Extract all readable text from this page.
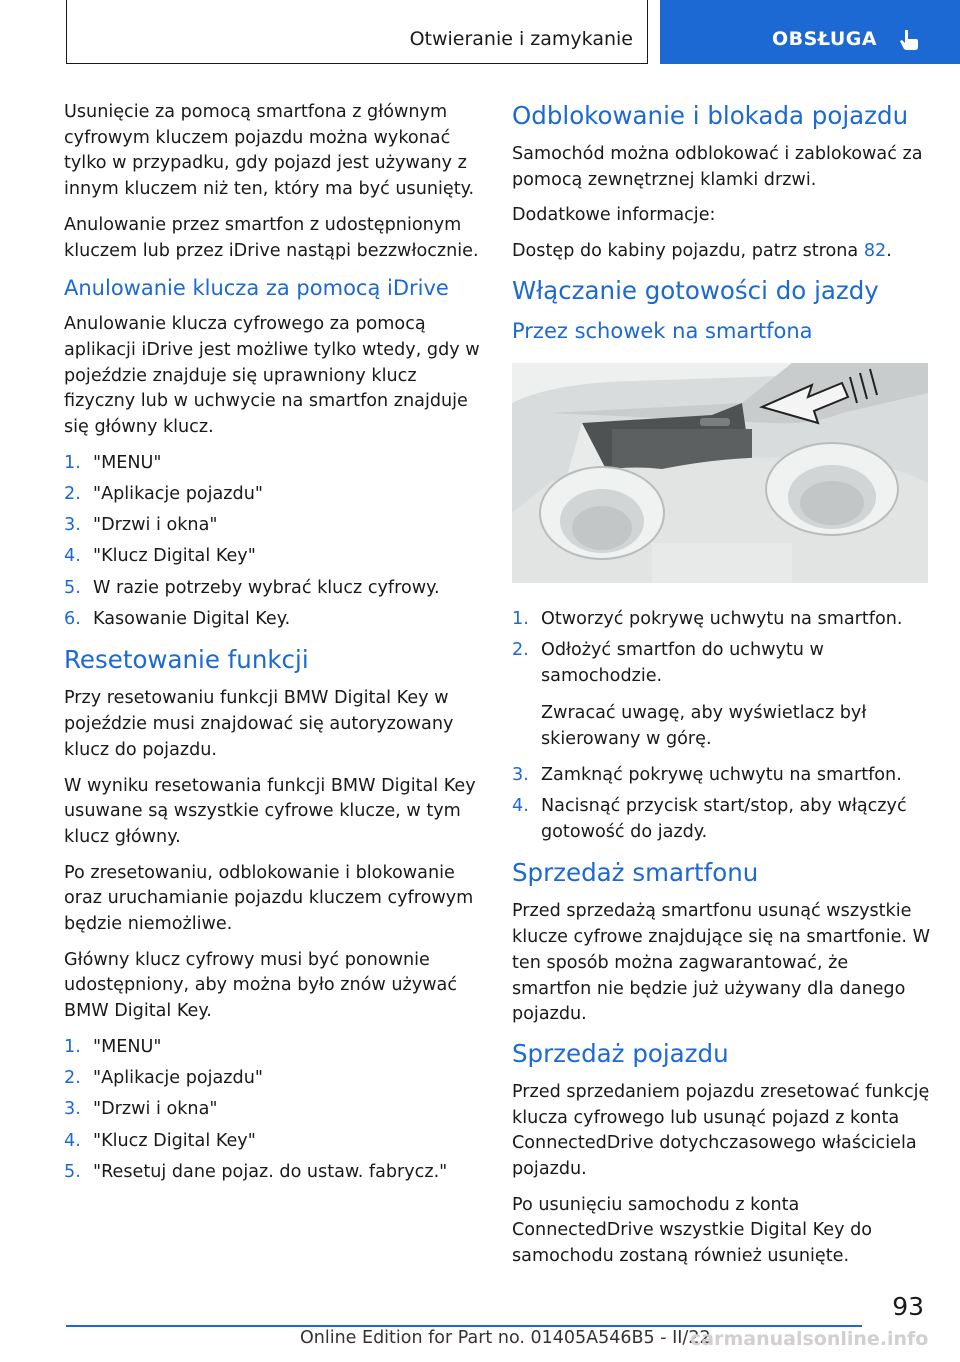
Otwieranie i zamykanie	OBSŁUGA

Usunięcie za pomocą smartfona z głównym cyfrowym kluczem pojazdu można wykonać tylko w przypadku, gdy pojazd jest używany z innym kluczem niż ten, który ma być usunięty.

Anulowanie przez smartfon z udostępnionym kluczem lub przez iDrive nastąpi bezzwłocznie.

Anulowanie klucza za pomocą iDrive

Anulowanie klucza cyfrowego za pomocą aplikacji iDrive jest możliwe tylko wtedy, gdy w pojeździe znajduje się uprawniony klucz fizyczny lub w uchwycie na smartfon znajduje się główny klucz.

1. "MENU"
2. "Aplikacje pojazdu"
3. "Drzwi i okna"
4. "Klucz Digital Key"
5. W razie potrzeby wybrać klucz cyfrowy.
6. Kasowanie Digital Key.
Resetowanie funkcji

Przy resetowaniu funkcji BMW Digital Key w pojeździe musi znajdować się autoryzowany klucz do pojazdu.

W wyniku resetowania funkcji BMW Digital Key usuwane są wszystkie cyfrowe klucze, w tym klucz główny.

Po zresetowaniu, odblokowanie i blokowanie oraz uruchamianie pojazdu kluczem cyfrowym będzie niemożliwe.

Główny klucz cyfrowy musi być ponownie udostępniony, aby można było znów używać BMW Digital Key.

1. "MENU"
2. "Aplikacje pojazdu"
3. "Drzwi i okna"
4. "Klucz Digital Key"
5. "Resetuj dane pojaz. do ustaw. fabrycz."
Odblokowanie i blokada pojazdu

Samochód można odblokować i zablokować za pomocą zewnętrznej klamki drzwi.

Dodatkowe informacje:

Dostęp do kabiny pojazdu, patrz strona 82.

Włączanie gotowości do jazdy
Przez schowek na smartfona
1. Otworzyć pokrywę uchwytu na smartfon.
2. Odłożyć smartfon do uchwytu w samochodzie.

Zwracać uwagę, aby wyświetlacz był skierowany w górę.

3. Zamknąć pokrywę uchwytu na smartfon.
4. Nacisnąć przycisk start/stop, aby włączyć gotowość do jazdy.
Sprzedaż smartfonu

Przed sprzedażą smartfonu usunąć wszystkie klucze cyfrowe znajdujące się na smartfonie. W ten sposób można zagwarantować, że smartfon nie będzie już używany dla danego pojazdu.

Sprzedaż pojazdu

Przed sprzedaniem pojazdu zresetować funkcję klucza cyfrowego lub usunąć pojazd z konta ConnectedDrive dotychczasowego właściciela pojazdu.

Po usunięciu samochodu z konta ConnectedDrive wszystkie Digital Key do samochodu zostaną również usunięte.

93
Online Edition for Part no. 01405A546B5 - II/22
carmanualsonline.info
